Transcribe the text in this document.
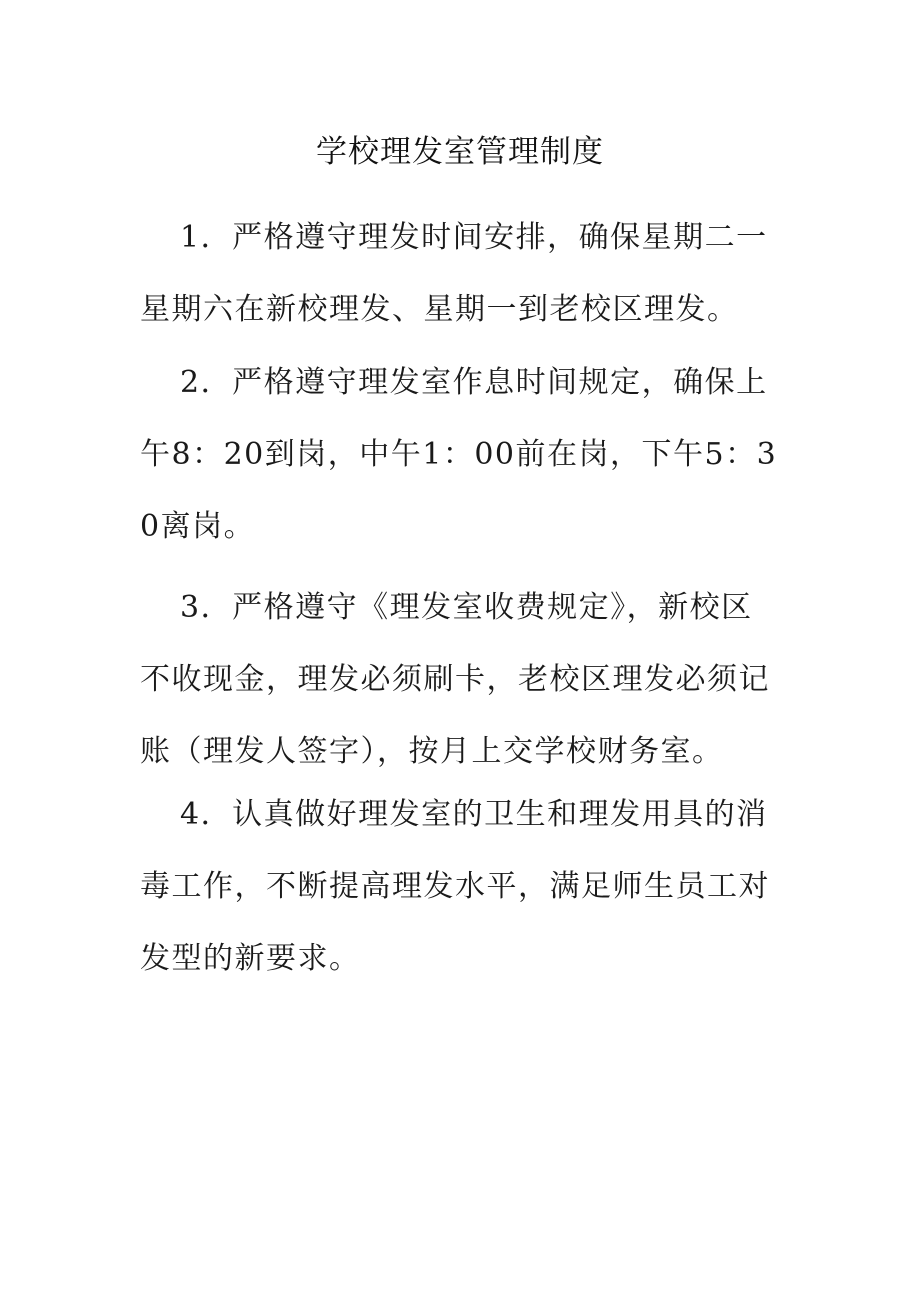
学校理发室管理制度

1．严格遵守理发时间安排，确保星期二一星期六在新校理发、星期一到老校区理发。

2．严格遵守理发室作息时间规定，确保上午8：20到岗，中午1：00前在岗，下午5：30离岗。

3．严格遵守《理发室收费规定》，新校区不收现金，理发必须刷卡，老校区理发必须记账（理发人签字），按月上交学校财务室。

4．认真做好理发室的卫生和理发用具的消毒工作，不断提高理发水平，满足师生员工对发型的新要求。
